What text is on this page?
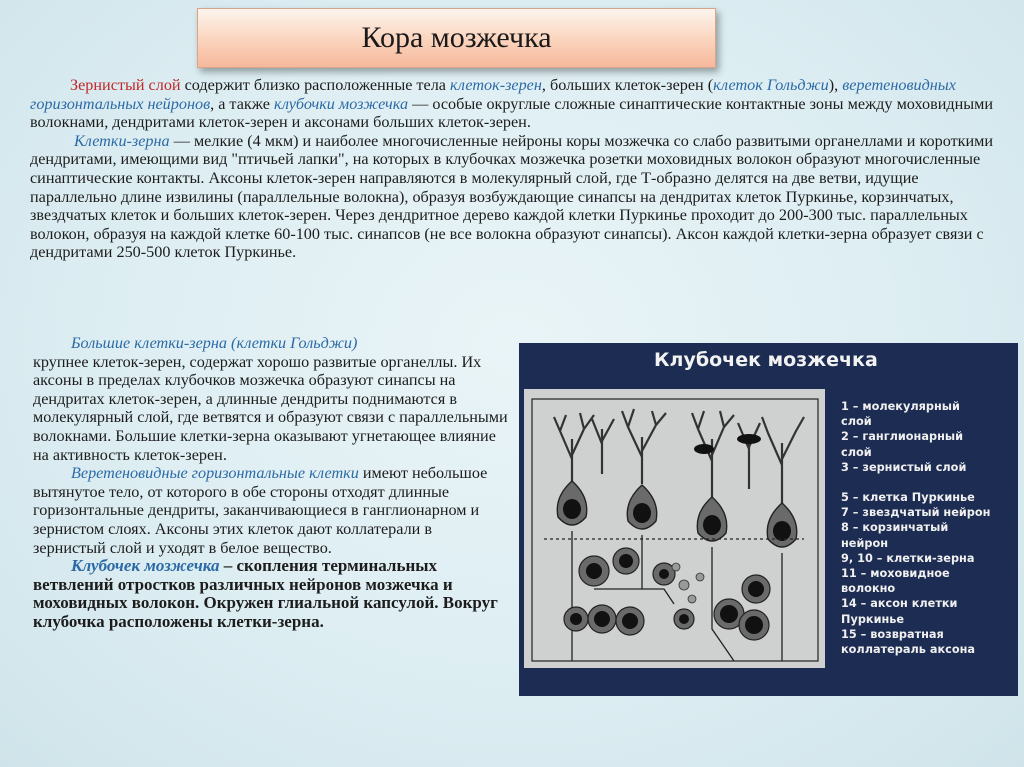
Кора мозжечка

Зернистый слой содержит близко расположенные тела клеток-зерен, больших клеток-зерен (клеток Гольджи), веретеновидных горизонтальных нейронов, а также клубочки мозжечка — особые округлые сложные синаптические контактные зоны между моховидными волокнами, дендритами клеток-зерен и аксонами больших клеток-зерен.
Клетки-зерна — мелкие (4 мкм) и наиболее многочисленные нейроны коры мозжечка со слабо развитыми органеллами и короткими дендритами, имеющими вид "птичьей лапки", на которых в клубочках мозжечка розетки моховидных волокон образуют многочисленные синаптические контакты. Аксоны клеток-зерен направляются в молекулярный слой, где Т-образно делятся на две ветви, идущие параллельно длине извилины (параллельные волокна), образуя возбуждающие синапсы на дендритах клеток Пуркинье, корзинчатых, звездчатых клеток и больших клеток-зерен. Через дендритное дерево каждой клетки Пуркинье проходит до 200-300 тыс. параллельных волокон, образуя на каждой клетке 60-100 тыс. синапсов (не все волокна образуют синапсы). Аксон каждой клетки-зерна образует связи с дендритами 250-500 клеток Пуркинье.

Большие клетки-зерна (клетки Гольджи)
крупнее клеток-зерен, содержат хорошо развитые органеллы. Их аксоны в пределах клубочков мозжечка образуют синапсы на дендритах клеток-зерен, а длинные дендриты поднимаются в молекулярный слой, где ветвятся и образуют связи с параллельными волокнами. Большие клетки-зерна оказывают угнетающее влияние на активность клеток-зерен.

Веретеновидные горизонтальные клетки имеют небольшое вытянутое тело, от которого в обе стороны отходят длинные горизонтальные дендриты, заканчивающиеся в ганглионарном и зернистом слоях. Аксоны этих клеток дают коллатерали в зернистый слой и уходят в белое вещество.

Клубочек мозжечка – скопления терминальных ветвлений отростков различных нейронов мозжечка и моховидных волокон. Окружен глиальной капсулой. Вокруг клубочка расположены клетки-зерна.

Клубочек мозжечка
1 – молекулярный
слой
2 – ганглионарный
слой
3 – зернистый слой
5 – клетка Пуркинье
7 – звездчатый нейрон
8 – корзинчатый
нейрон
9, 10 – клетки-зерна
11 – моховидное
волокно
14 – аксон клетки
Пуркинье
15 – возвратная
коллатераль аксона
